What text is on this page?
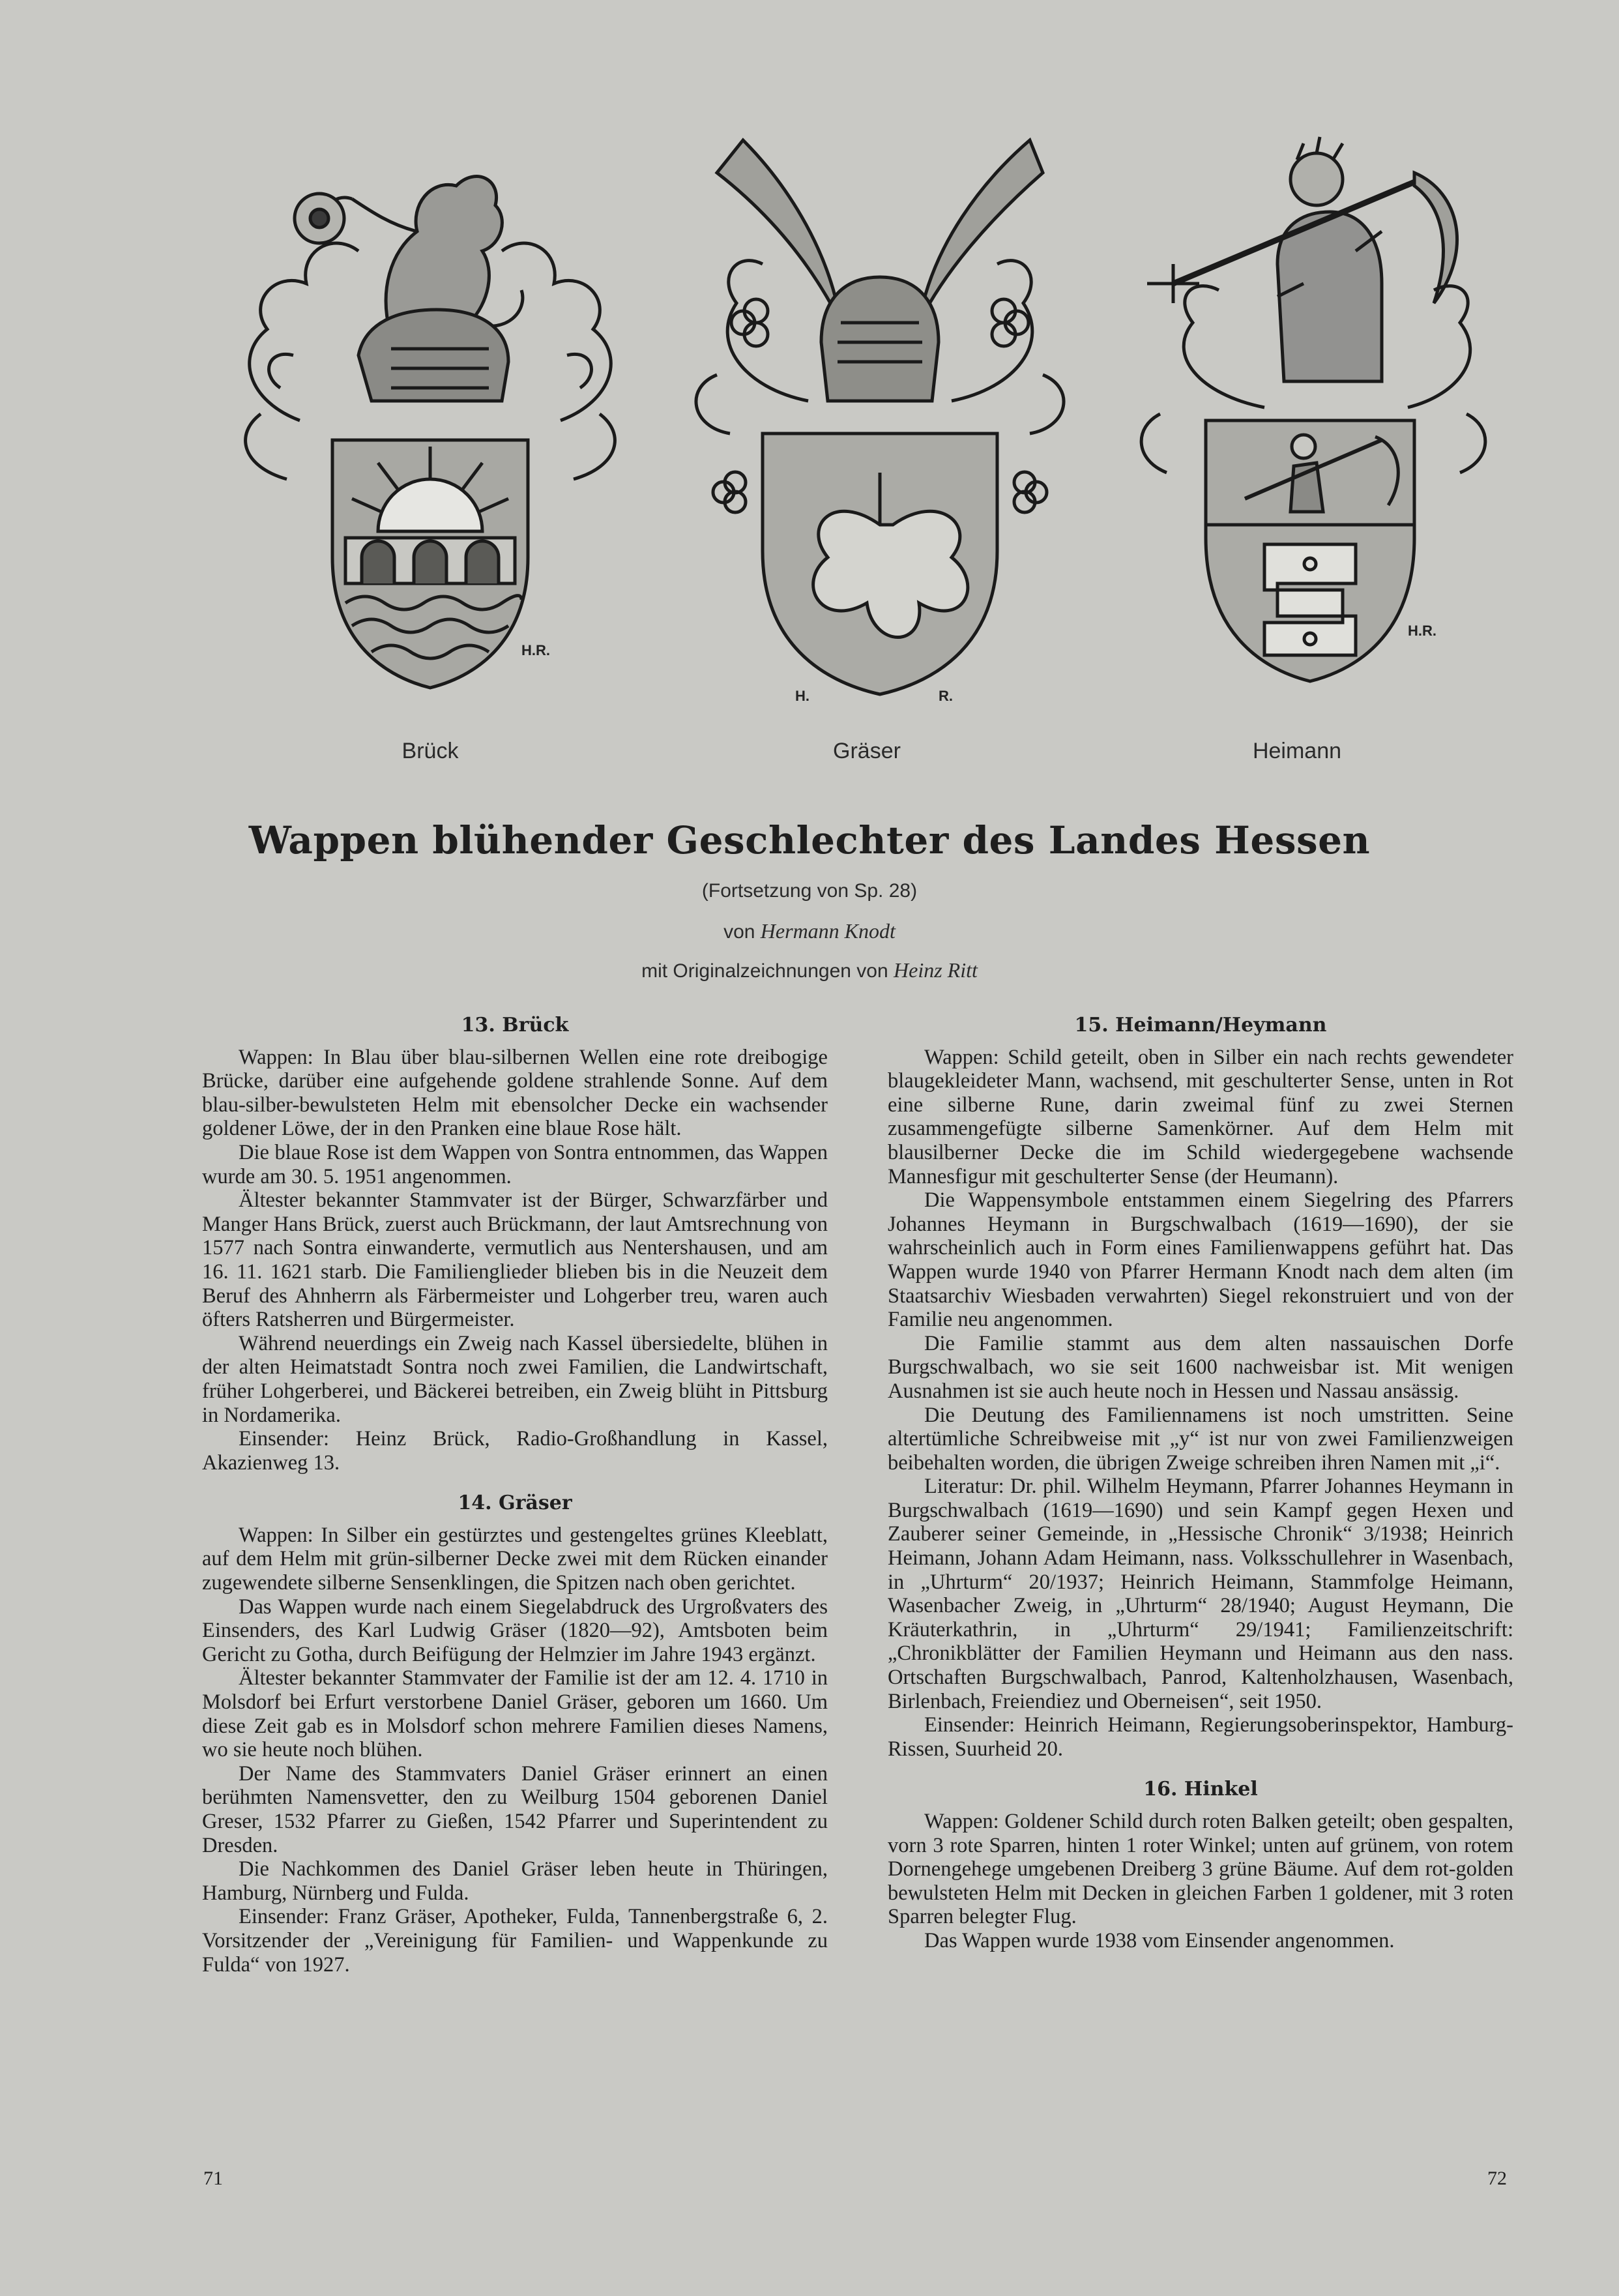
H.R.
Brück
H.	R.
Gräser
H.R.
Heimann
Wappen blühender Geschlechter des Landes Hessen
(Fortsetzung von Sp. 28)
von Hermann Knodt
mit Originalzeichnungen von Heinz Ritt
13. Brück

Wappen: In Blau über blau-silbernen Wellen eine rote dreibogige Brücke, darüber eine aufgehende goldene strahlende Sonne. Auf dem blau-silber-bewulsteten Helm mit ebensolcher Decke ein wachsender goldener Löwe, der in den Pranken eine blaue Rose hält.

Die blaue Rose ist dem Wappen von Sontra entnommen, das Wappen wurde am 30. 5. 1951 angenommen.

Ältester bekannter Stammvater ist der Bürger, Schwarzfärber und Manger Hans Brück, zuerst auch Brückmann, der laut Amtsrechnung von 1577 nach Sontra einwanderte, vermutlich aus Nentershausen, und am 16. 11. 1621 starb. Die Familienglieder blieben bis in die Neuzeit dem Beruf des Ahnherrn als Färbermeister und Lohgerber treu, waren auch öfters Ratsherren und Bürgermeister.

Während neuerdings ein Zweig nach Kassel übersiedelte, blühen in der alten Heimatstadt Sontra noch zwei Familien, die Landwirtschaft, früher Lohgerberei, und Bäckerei betreiben, ein Zweig blüht in Pittsburg in Nordamerika.

Einsender: Heinz Brück, Radio-Großhandlung in Kassel, Akazienweg 13.

14. Gräser

Wappen: In Silber ein gestürztes und gestengeltes grünes Kleeblatt, auf dem Helm mit grün-silberner Decke zwei mit dem Rücken einander zugewendete silberne Sensenklingen, die Spitzen nach oben gerichtet.

Das Wappen wurde nach einem Siegelabdruck des Urgroßvaters des Einsenders, des Karl Ludwig Gräser (1820—92), Amtsboten beim Gericht zu Gotha, durch Beifügung der Helmzier im Jahre 1943 ergänzt.

Ältester bekannter Stammvater der Familie ist der am 12. 4. 1710 in Molsdorf bei Erfurt verstorbene Daniel Gräser, geboren um 1660. Um diese Zeit gab es in Molsdorf schon mehrere Familien dieses Namens, wo sie heute noch blühen.

Der Name des Stammvaters Daniel Gräser erinnert an einen berühmten Namensvetter, den zu Weilburg 1504 geborenen Daniel Greser, 1532 Pfarrer zu Gießen, 1542 Pfarrer und Superintendent zu Dresden.

Die Nachkommen des Daniel Gräser leben heute in Thüringen, Hamburg, Nürnberg und Fulda.

Einsender: Franz Gräser, Apotheker, Fulda, Tannenbergstraße 6, 2. Vorsitzender der „Vereinigung für Familien- und Wappenkunde zu Fulda“ von 1927.

15. Heimann/Heymann

Wappen: Schild geteilt, oben in Silber ein nach rechts gewendeter blaugekleideter Mann, wachsend, mit geschulterter Sense, unten in Rot eine silberne Rune, darin zweimal fünf zu zwei Sternen zusammengefügte silberne Samenkörner. Auf dem Helm mit blausilberner Decke die im Schild wiedergegebene wachsende Mannesfigur mit geschulterter Sense (der Heumann).

Die Wappensymbole entstammen einem Siegelring des Pfarrers Johannes Heymann in Burgschwalbach (1619—1690), der sie wahrscheinlich auch in Form eines Familienwappens geführt hat. Das Wappen wurde 1940 von Pfarrer Hermann Knodt nach dem alten (im Staatsarchiv Wiesbaden verwahrten) Siegel rekonstruiert und von der Familie neu angenommen.

Die Familie stammt aus dem alten nassauischen Dorfe Burgschwalbach, wo sie seit 1600 nachweisbar ist. Mit wenigen Ausnahmen ist sie auch heute noch in Hessen und Nassau ansässig.

Die Deutung des Familiennamens ist noch umstritten. Seine altertümliche Schreibweise mit „y“ ist nur von zwei Familienzweigen beibehalten worden, die übrigen Zweige schreiben ihren Namen mit „i“.

Literatur: Dr. phil. Wilhelm Heymann, Pfarrer Johannes Heymann in Burgschwalbach (1619—1690) und sein Kampf gegen Hexen und Zauberer seiner Gemeinde, in „Hessische Chronik“ 3/1938; Heinrich Heimann, Johann Adam Heimann, nass. Volksschullehrer in Wasenbach, in „Uhrturm“ 20/1937; Heinrich Heimann, Stammfolge Heimann, Wasenbacher Zweig, in „Uhrturm“ 28/1940; August Heymann, Die Kräuterkathrin, in „Uhrturm“ 29/1941; Familienzeitschrift: „Chronikblätter der Familien Heymann und Heimann aus den nass. Ortschaften Burgschwalbach, Panrod, Kaltenholzhausen, Wasenbach, Birlenbach, Freiendiez und Oberneisen“, seit 1950.

Einsender: Heinrich Heimann, Regierungsoberinspektor, Hamburg-Rissen, Suurheid 20.

16. Hinkel

Wappen: Goldener Schild durch roten Balken geteilt; oben gespalten, vorn 3 rote Sparren, hinten 1 roter Winkel; unten auf grünem, von rotem Dornengehege umgebenen Dreiberg 3 grüne Bäume. Auf dem rot-golden bewulsteten Helm mit Decken in gleichen Farben 1 goldener, mit 3 roten Sparren belegter Flug.

Das Wappen wurde 1938 vom Einsender angenommen.

71	72
